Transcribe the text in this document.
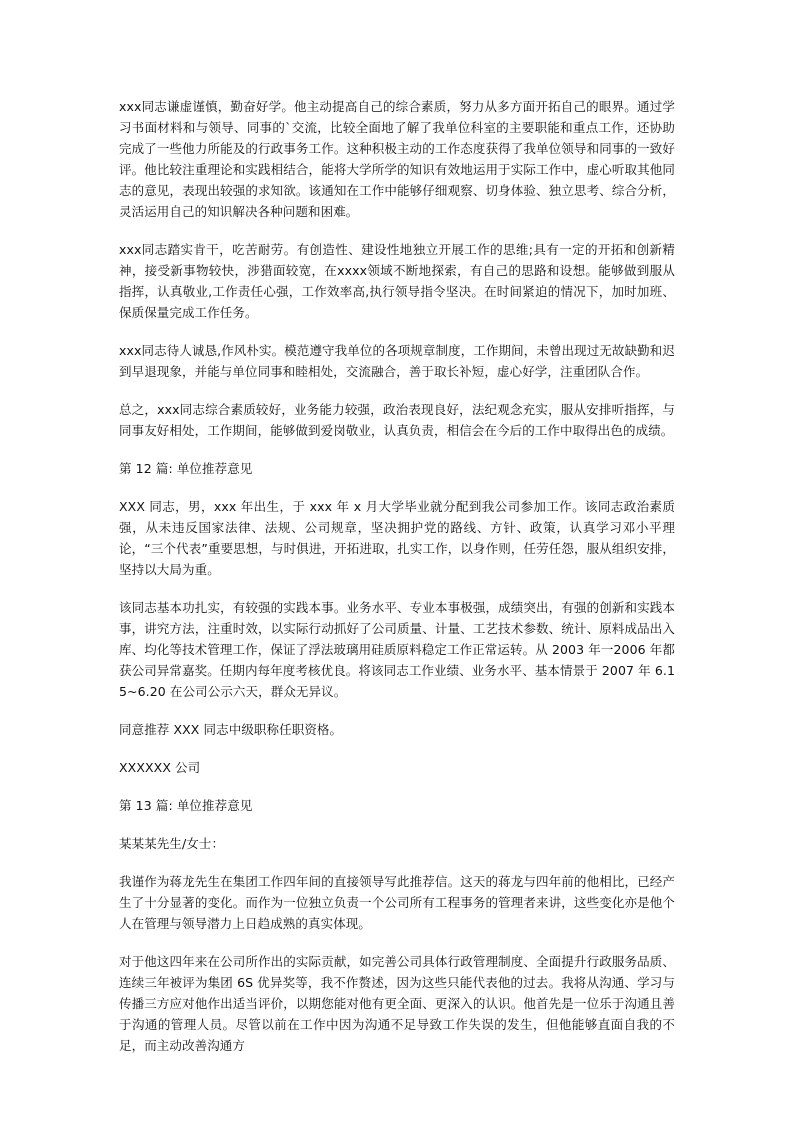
xxx同志谦虚谨慎，勤奋好学。他主动提高自己的综合素质，努力从多方面开拓自己的眼界。通过学习书面材料和与领导、同事的`交流，比较全面地了解了我单位科室的主要职能和重点工作，还协助完成了一些他力所能及的行政事务工作。这种积极主动的工作态度获得了我单位领导和同事的一致好评。他比较注重理论和实践相结合，能将大学所学的知识有效地运用于实际工作中，虚心听取其他同志的意见，表现出较强的求知欲。该通知在工作中能够仔细观察、切身体验、独立思考、综合分析，灵活运用自己的知识解决各种问题和困难。

xxx同志踏实肯干，吃苦耐劳。有创造性、建设性地独立开展工作的思维;具有一定的开拓和创新精神，接受新事物较快，涉猎面较宽，在xxxx领域不断地探索，有自己的思路和设想。能够做到服从指挥，认真敬业,工作责任心强，工作效率高,执行领导指令坚决。在时间紧迫的情况下，加时加班、保质保量完成工作任务。

xxx同志待人诚恳,作风朴实。模范遵守我单位的各项规章制度，工作期间，未曾出现过无故缺勤和迟到早退现象，并能与单位同事和睦相处，交流融合，善于取长补短，虚心好学，注重团队合作。

总之，xxx同志综合素质较好，业务能力较强，政治表现良好，法纪观念充实，服从安排听指挥，与同事友好相处，工作期间，能够做到爱岗敬业，认真负责，相信会在今后的工作中取得出色的成绩。

第 12 篇: 单位推荐意见

XXX 同志，男，xxx 年出生，于 xxx 年 x 月大学毕业就分配到我公司参加工作。该同志政治素质强，从未违反国家法律、法规、公司规章，坚决拥护党的路线、方针、政策，认真学习邓小平理论，“三个代表”重要思想，与时俱进，开拓进取，扎实工作，以身作则，任劳任怨，服从组织安排，坚持以大局为重。

该同志基本功扎实，有较强的实践本事。业务水平、专业本事极强，成绩突出，有强的创新和实践本事，讲究方法，注重时效，以实际行动抓好了公司质量、计量、工艺技术参数、统计、原料成品出入库、均化等技术管理工作，保证了浮法玻璃用硅质原料稳定工作正常运转。从 2003 年一2006 年都获公司异常嘉奖。任期内每年度考核优良。将该同志工作业绩、业务水平、基本情景于 2007 年 6.15~6.20 在公司公示六天，群众无异议。

同意推荐 XXX 同志中级职称任职资格。

XXXXXX 公司

第 13 篇: 单位推荐意见

某某某先生/女士：

我谨作为蒋龙先生在集团工作四年间的直接领导写此推荐信。这天的蒋龙与四年前的他相比，已经产生了十分显著的变化。而作为一位独立负责一个公司所有工程事务的管理者来讲，这些变化亦是他个人在管理与领导潜力上日趋成熟的真实体现。

对于他这四年来在公司所作出的实际贡献，如完善公司具体行政管理制度、全面提升行政服务品质、连续三年被评为集团 6S 优异奖等，我不作赘述，因为这些只能代表他的过去。我将从沟通、学习与传播三方应对他作出适当评价，以期您能对他有更全面、更深入的认识。他首先是一位乐于沟通且善于沟通的管理人员。尽管以前在工作中因为沟通不足导致工作失误的发生，但他能够直面自我的不足，而主动改善沟通方
